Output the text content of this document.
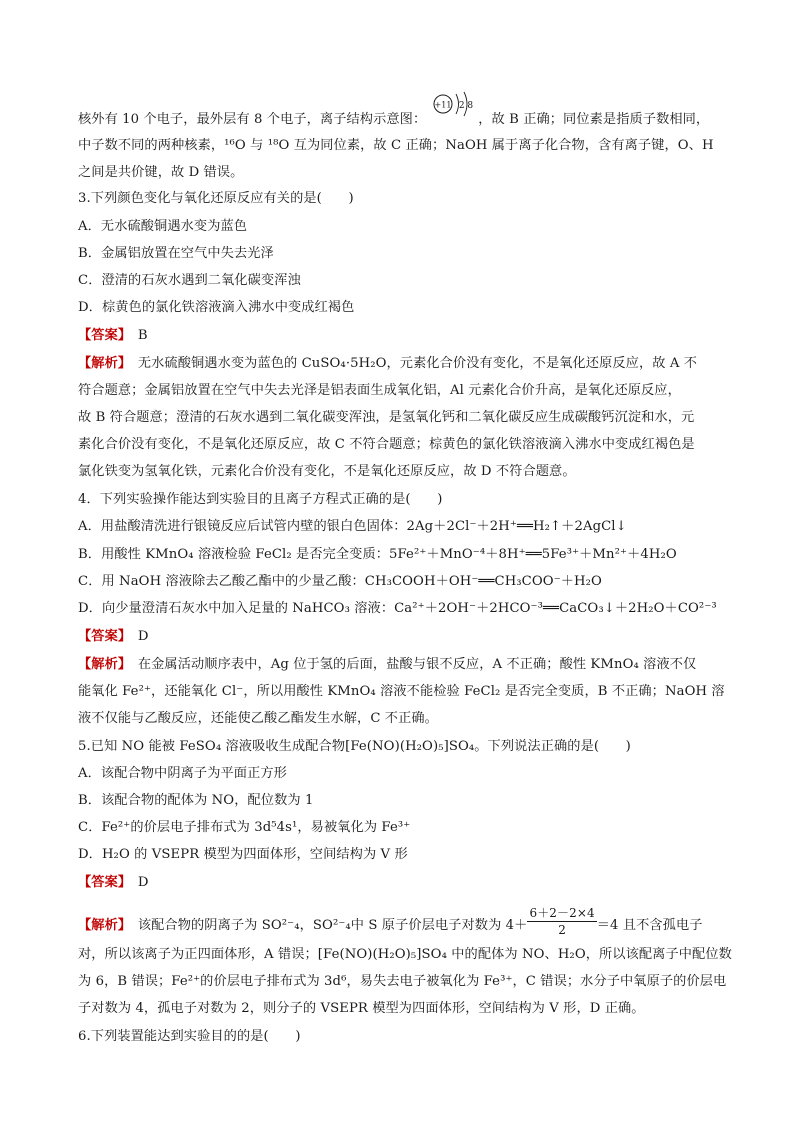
+11 2 8
核外有 10 个电子，最外层有 8 个电子，离子结构示意图：	，故 B 正确；同位素是指质子数相同，
中子数不同的两种核素，¹⁶O 与 ¹⁸O 互为同位素，故 C 正确；NaOH 属于离子化合物，含有离子键，O、H
之间是共价键，故 D 错误。
3.下列颜色变化与氧化还原反应有关的是(　　)
A．无水硫酸铜遇水变为蓝色
B．金属铝放置在空气中失去光泽
C．澄清的石灰水遇到二氧化碳变浑浊
D．棕黄色的氯化铁溶液滴入沸水中变成红褐色
【答案】　 B
【解析】　 无水硫酸铜遇水变为蓝色的 CuSO₄·5H₂O，元素化合价没有变化，不是氧化还原反应，故 A 不
符合题意；金属铝放置在空气中失去光泽是铝表面生成氧化铝，Al 元素化合价升高，是氧化还原反应，
故 B 符合题意；澄清的石灰水遇到二氧化碳变浑浊，是氢氧化钙和二氧化碳反应生成碳酸钙沉淀和水，元
素化合价没有变化，不是氧化还原反应，故 C 不符合题意；棕黄色的氯化铁溶液滴入沸水中变成红褐色是
氯化铁变为氢氧化铁，元素化合价没有变化，不是氧化还原反应，故 D 不符合题意。
4．下列实验操作能达到实验目的且离子方程式正确的是(　　)
A．用盐酸清洗进行银镜反应后试管内壁的银白色固体：2Ag＋2Cl⁻＋2H⁺══H₂↑＋2AgCl↓
B．用酸性 KMnO₄ 溶液检验 FeCl₂ 是否完全变质：5Fe²⁺＋MnO⁻⁴＋8H⁺══5Fe³⁺＋Mn²⁺＋4H₂O
C．用 NaOH 溶液除去乙酸乙酯中的少量乙酸：CH₃COOH＋OH⁻══CH₃COO⁻＋H₂O
D．向少量澄清石灰水中加入足量的 NaHCO₃ 溶液：Ca²⁺＋2OH⁻＋2HCO⁻³══CaCO₃↓＋2H₂O＋CO²⁻³
【答案】　 D
【解析】　 在金属活动顺序表中，Ag 位于氢的后面，盐酸与银不反应，A 不正确；酸性 KMnO₄ 溶液不仅
能氧化 Fe²⁺，还能氧化 Cl⁻，所以用酸性 KMnO₄ 溶液不能检验 FeCl₂ 是否完全变质，B 不正确；NaOH 溶
液不仅能与乙酸反应，还能使乙酸乙酯发生水解，C 不正确。
5.已知 NO 能被 FeSO₄ 溶液吸收生成配合物[Fe(NO)(H₂O)₅]SO₄。下列说法正确的是(　　)
A．该配合物中阴离子为平面正方形
B．该配合物的配体为 NO，配位数为 1
C．Fe²⁺的价层电子排布式为 3d⁵4s¹，易被氧化为 Fe³⁺
D．H₂O 的 VSEPR 模型为四面体形，空间结构为 V 形
【答案】　 D
【解析】　 该配合物的阴离子为 SO²⁻₄，SO²⁻₄中 S 原子价层电子对数为 $4+ \frac{6+2-2\times 4}{2} =4$ 且不含孤电子
对，所以该离子为正四面体形，A 错误；[Fe(NO)(H₂O)₅]SO₄ 中的配体为 NO、H₂O，所以该配离子中配位数
为 6，B 错误；Fe²⁺的价层电子排布式为 3d⁶，易失去电子被氧化为 Fe³⁺，C 错误；水分子中氧原子的价层电
子对数为 4，孤电子对数为 2，则分子的 VSEPR 模型为四面体形，空间结构为 V 形，D 正确。
6.下列装置能达到实验目的的是(　　)
